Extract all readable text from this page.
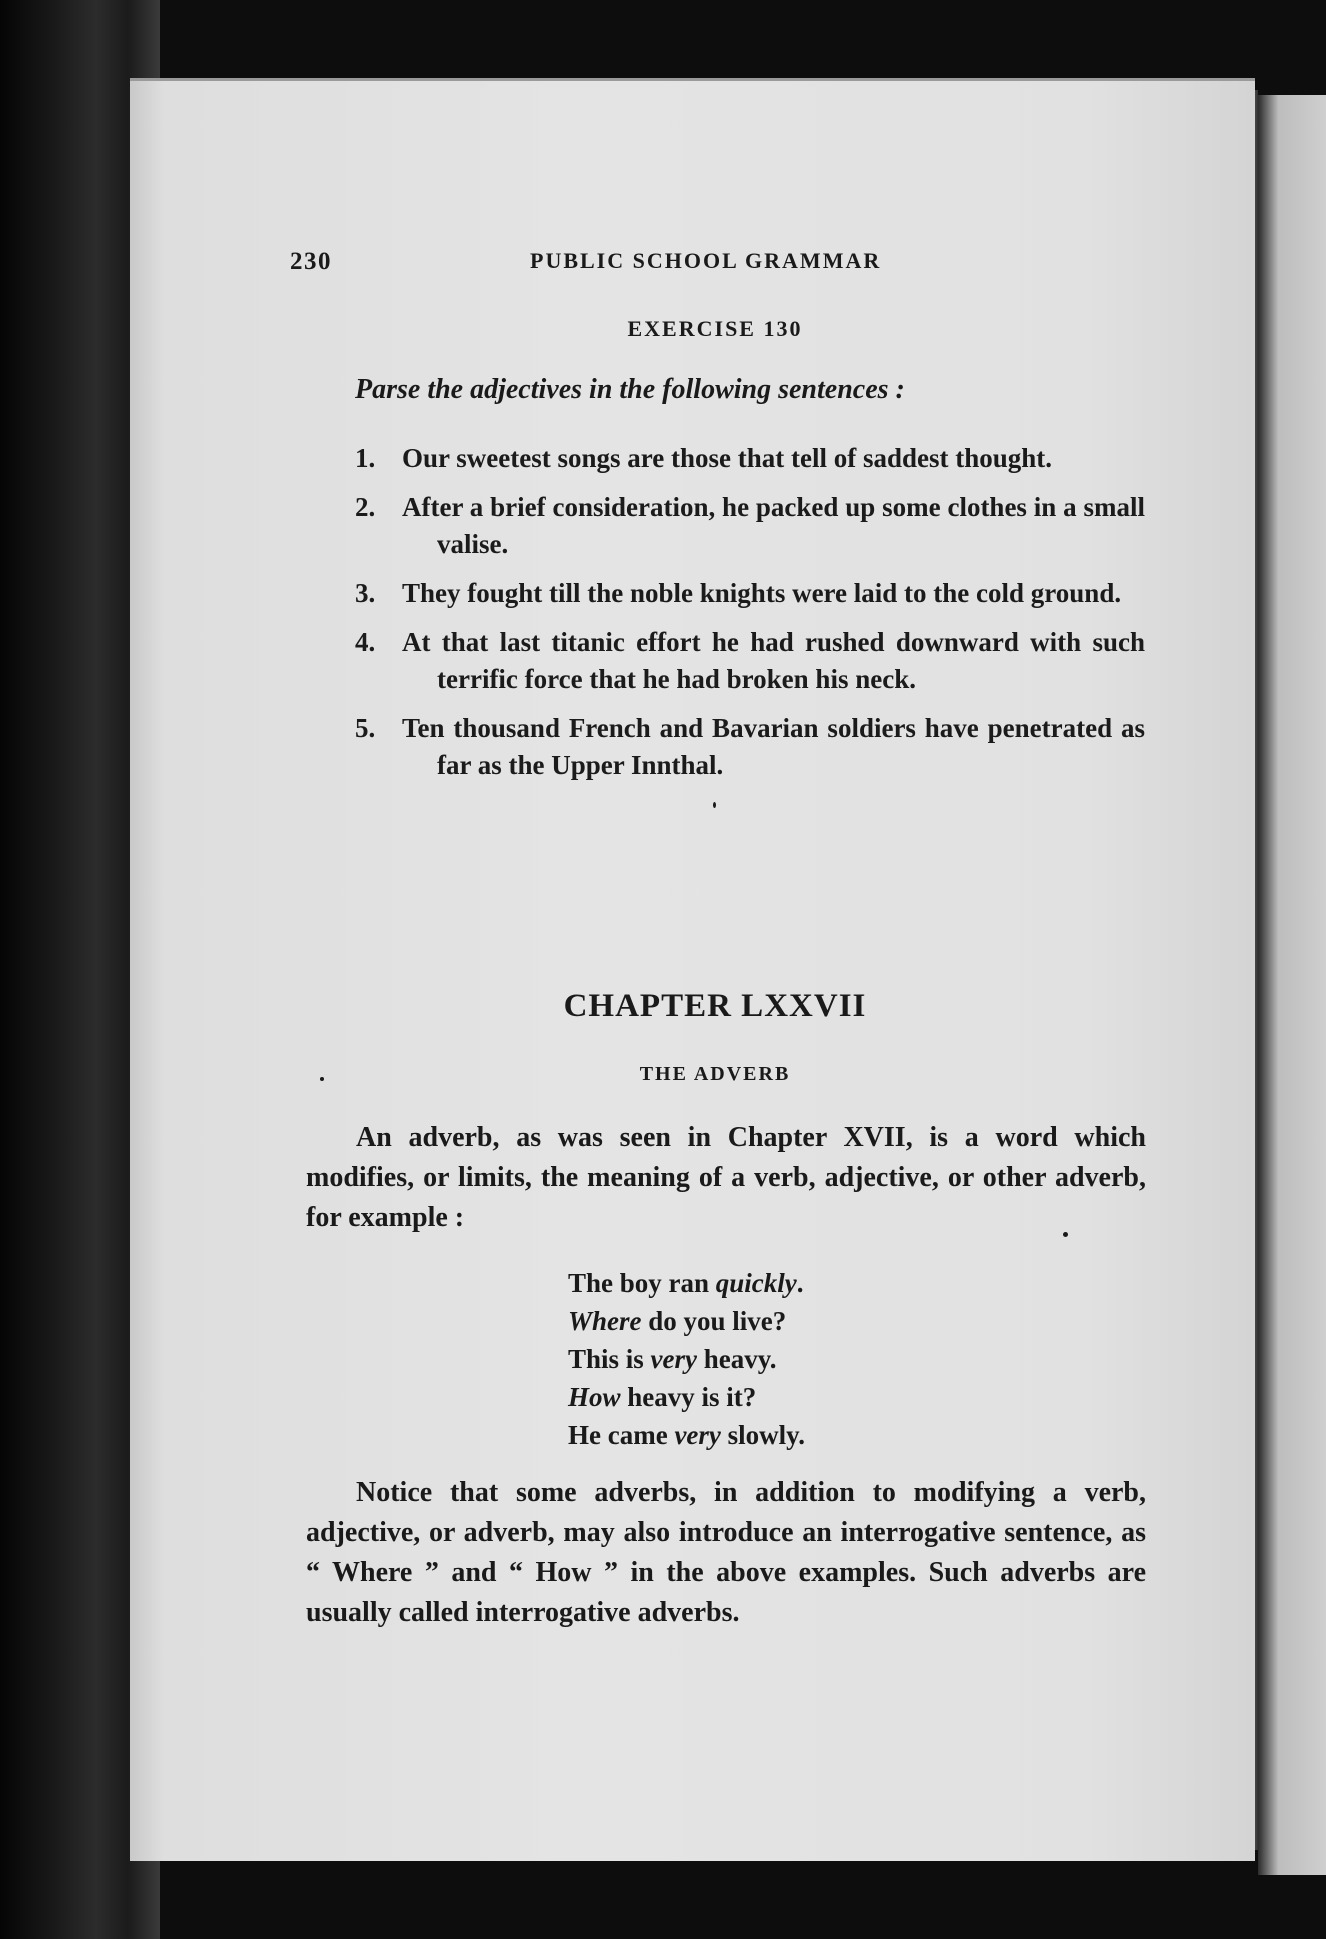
230	PUBLIC SCHOOL GRAMMAR
EXERCISE 130
Parse the adjectives in the following sentences :
1. Our sweetest songs are those that tell of saddest thought.
2. After a brief consideration, he packed up some clothes in a small valise.
3. They fought till the noble knights were laid to the cold ground.
4. At that last titanic effort he had rushed downward with such terrific force that he had broken his neck.
5. Ten thousand French and Bavarian soldiers have penetrated as far as the Upper Innthal.
CHAPTER LXXVII
THE ADVERB

An adverb, as was seen in Chapter XVII, is a word which modifies, or limits, the meaning of a verb, adjective, or other adverb, for example :

The boy ran quickly.
Where do you live?
This is very heavy.
How heavy is it?
He came very slowly.

Notice that some adverbs, in addition to modifying a verb, adjective, or adverb, may also introduce an interrogative sentence, as “ Where ” and “ How ” in the above examples. Such adverbs are usually called interrogative adverbs.
